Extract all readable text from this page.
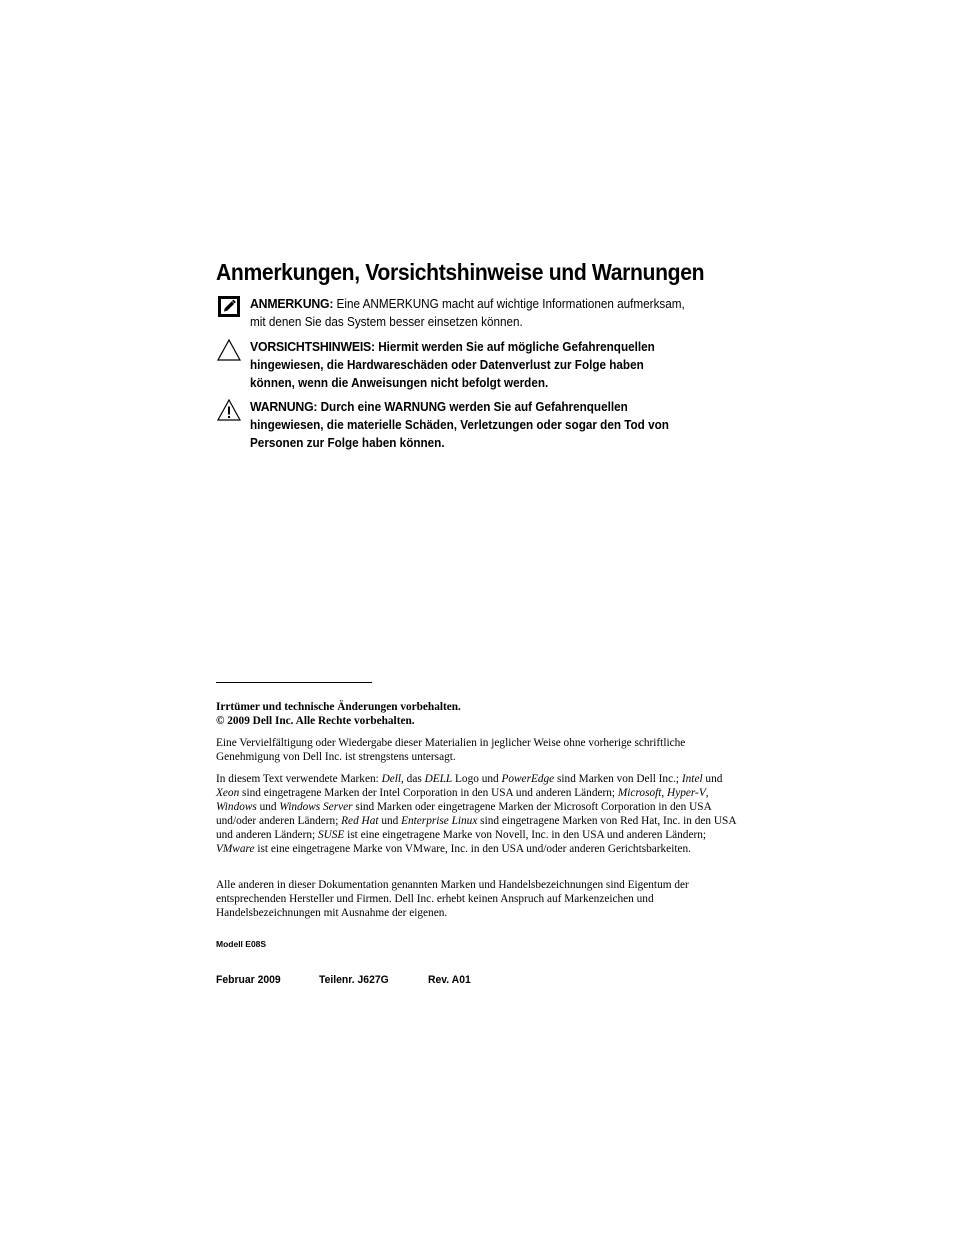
Anmerkungen, Vorsichtshinweise und Warnungen
ANMERKUNG: Eine ANMERKUNG macht auf wichtige Informationen aufmerksam, mit denen Sie das System besser einsetzen können.
VORSICHTSHINWEIS: Hiermit werden Sie auf mögliche Gefahrenquellen hingewiesen, die Hardwareschäden oder Datenverlust zur Folge haben können, wenn die Anweisungen nicht befolgt werden.
WARNUNG: Durch eine WARNUNG werden Sie auf Gefahrenquellen hingewiesen, die materielle Schäden, Verletzungen oder sogar den Tod von Personen zur Folge haben können.

Irrtümer und technische Änderungen vorbehalten.

© 2009 Dell Inc. Alle Rechte vorbehalten.

Eine Vervielfältigung oder Wiedergabe dieser Materialien in jeglicher Weise ohne vorherige schriftliche Genehmigung von Dell Inc. ist strengstens untersagt.

In diesem Text verwendete Marken: Dell, das DELL Logo und PowerEdge sind Marken von Dell Inc.; Intel und Xeon sind eingetragene Marken der Intel Corporation in den USA und anderen Ländern; Microsoft, Hyper-V, Windows und Windows Server sind Marken oder eingetragene Marken der Microsoft Corporation in den USA und/oder anderen Ländern; Red Hat und Enterprise Linux sind eingetragene Marken von Red Hat, Inc. in den USA und anderen Ländern; SUSE ist eine eingetragene Marke von Novell, Inc. in den USA und anderen Ländern; VMware ist eine eingetragene Marke von VMware, Inc. in den USA und/oder anderen Gerichtsbarkeiten.

Alle anderen in dieser Dokumentation genannten Marken und Handelsbezeichnungen sind Eigentum der entsprechenden Hersteller und Firmen. Dell Inc. erhebt keinen Anspruch auf Markenzeichen und Handelsbezeichnungen mit Ausnahme der eigenen.

Modell E08S
Februar 2009	Teilenr. J627G	Rev. A01
